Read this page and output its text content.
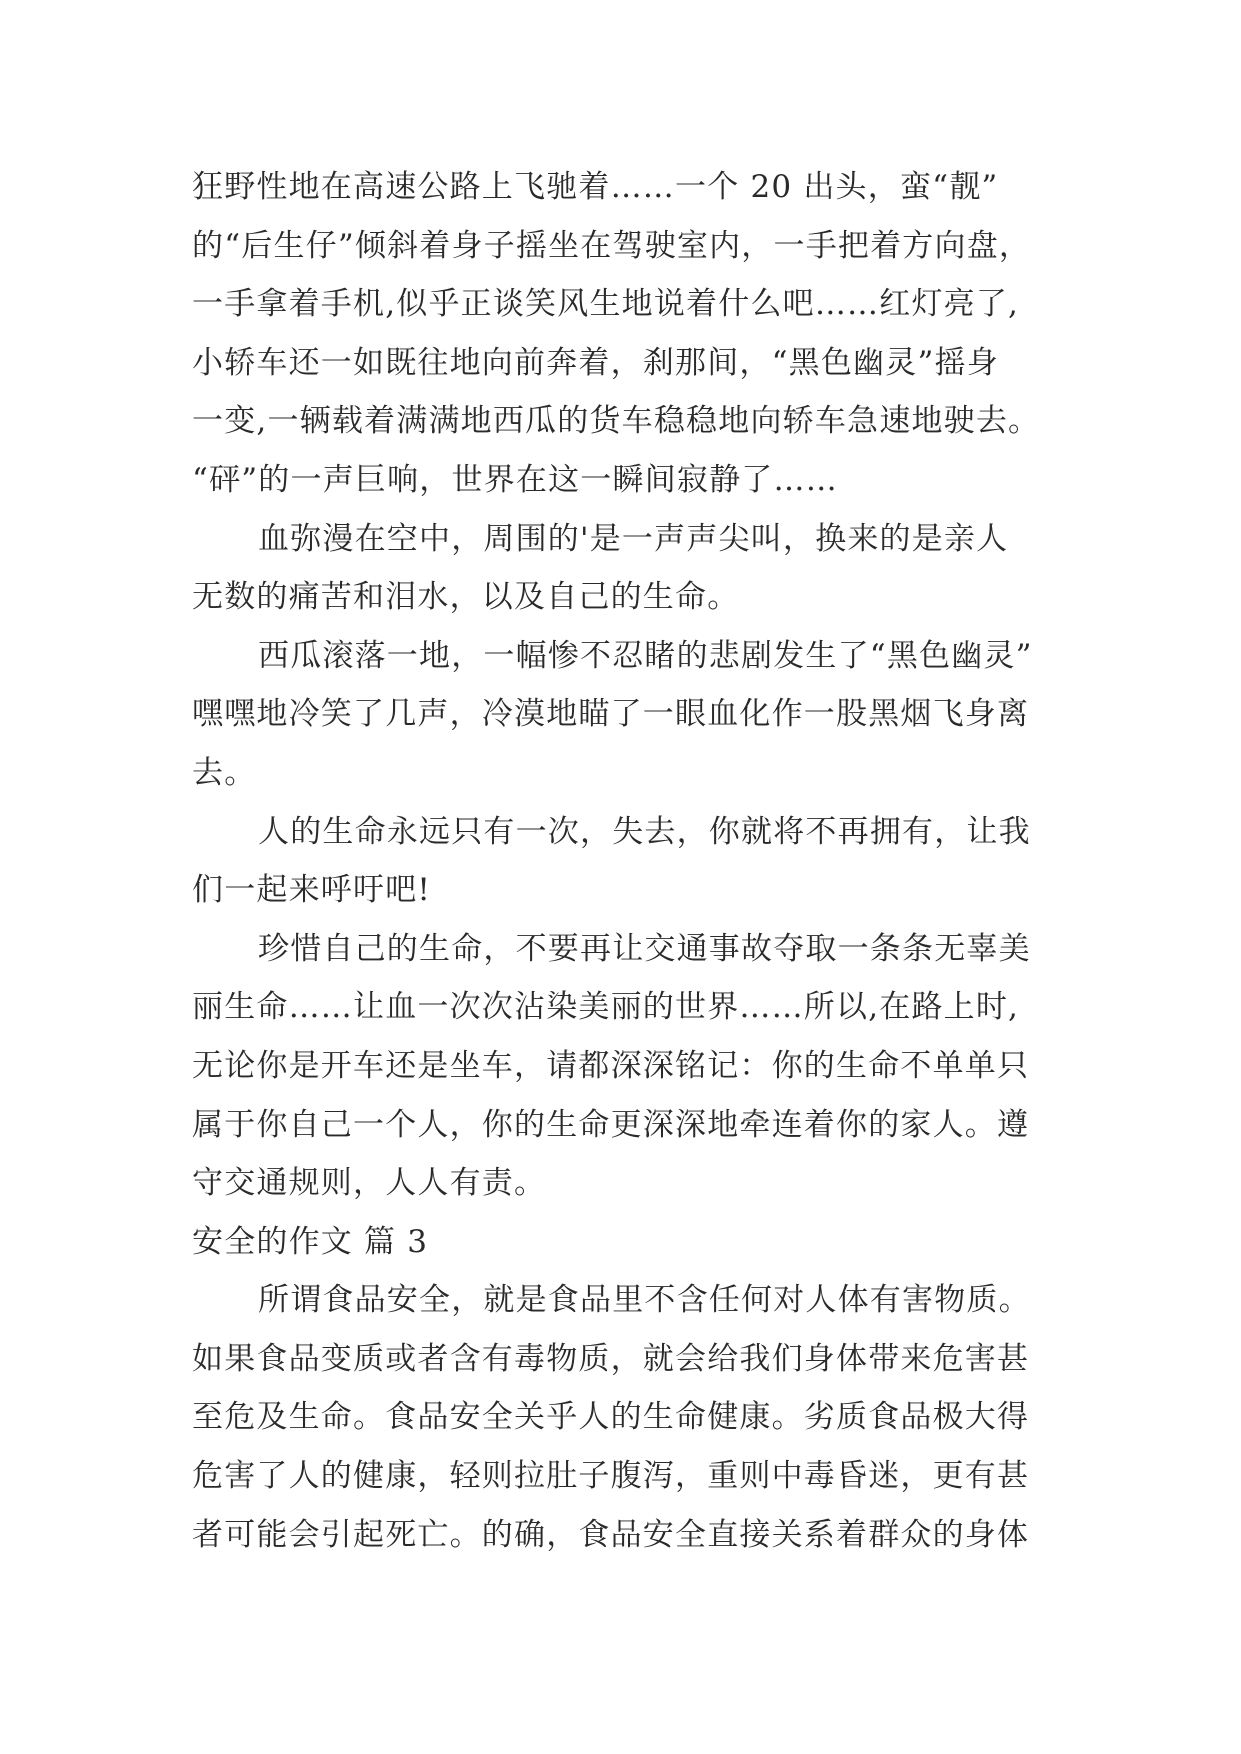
狂野性地在高速公路上飞驰着……一个 20 出头，蛮“靓”
的“后生仔”倾斜着身子摇坐在驾驶室内，一手把着方向盘，
一手拿着手机,似乎正谈笑风生地说着什么吧……红灯亮了,
小轿车还一如既往地向前奔着，刹那间，“黑色幽灵”摇身
一变,一辆载着满满地西瓜的货车稳稳地向轿车急速地驶去。
“砰”的一声巨响，世界在这一瞬间寂静了……
血弥漫在空中，周围的'是一声声尖叫，换来的是亲人
无数的痛苦和泪水，以及自己的生命。
西瓜滚落一地，一幅惨不忍睹的悲剧发生了“黑色幽灵”
嘿嘿地冷笑了几声，冷漠地瞄了一眼血化作一股黑烟飞身离
去。
人的生命永远只有一次，失去，你就将不再拥有，让我
们一起来呼吁吧!
珍惜自己的生命，不要再让交通事故夺取一条条无辜美
丽生命……让血一次次沾染美丽的世界……所以,在路上时,
无论你是开车还是坐车，请都深深铭记：你的生命不单单只
属于你自己一个人，你的生命更深深地牵连着你的家人。遵
守交通规则，人人有责。
安全的作文 篇 3
所谓食品安全，就是食品里不含任何对人体有害物质。
如果食品变质或者含有毒物质，就会给我们身体带来危害甚
至危及生命。食品安全关乎人的生命健康。劣质食品极大得
危害了人的健康，轻则拉肚子腹泻，重则中毒昏迷，更有甚
者可能会引起死亡。的确，食品安全直接关系着群众的身体
